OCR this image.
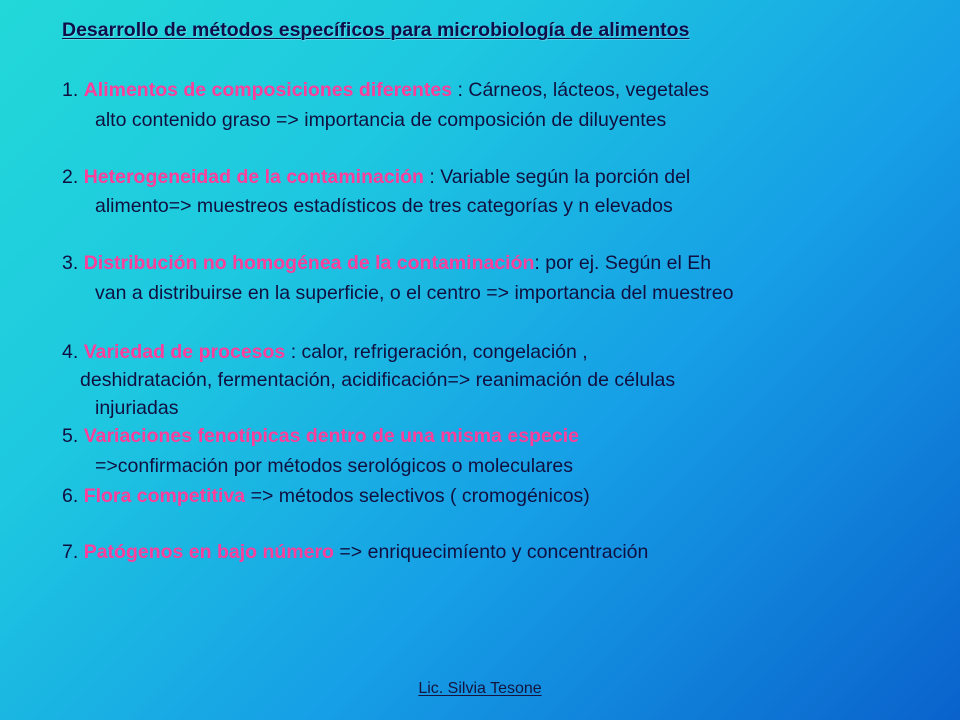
Desarrollo de métodos específicos para microbiología de alimentos
1. Alimentos de composiciones diferentes : Cárneos, lácteos, vegetales
alto contenido graso => importancia de composición de diluyentes
2. Heterogeneidad de la contaminación : Variable según la porción del
alimento=> muestreos estadísticos de tres categorías y n elevados
3. Distribución no homogénea de la contaminación: por ej. Según el Eh
van a distribuirse en la superficie, o el centro => importancia del muestreo
4. Variedad de procesos : calor, refrigeración, congelación ,
deshidratación, fermentación, acidificación=> reanimación de células
injuriadas
5. Variaciones fenotípicas dentro de una misma especie
=>confirmación por métodos serológicos o moleculares
6. Flora competitiva => métodos selectivos ( cromogénicos)
7. Patógenos en bajo número => enriquecimíento y concentración
Lic. Silvia Tesone
